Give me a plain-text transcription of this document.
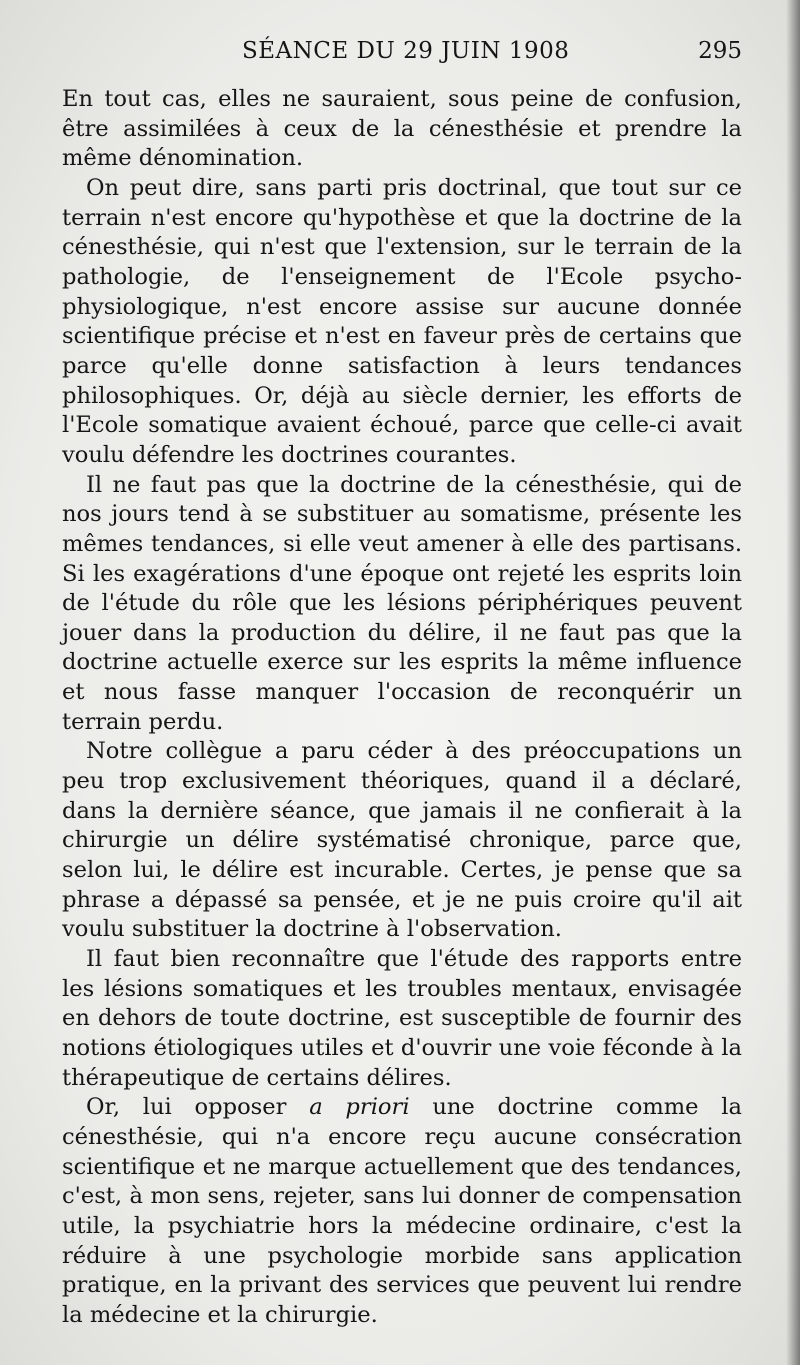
SÉANCE DU 29 JUIN 1908	295

En tout cas, elles ne sauraient, sous peine de confusion, être assimilées à ceux de la cénesthésie et prendre la même dénomination.

On peut dire, sans parti pris doctrinal, que tout sur ce terrain n'est encore qu'hypothèse et que la doctrine de la cénesthésie, qui n'est que l'extension, sur le terrain de la pathologie, de l'enseignement de l'Ecole psycho-physiologique, n'est encore assise sur aucune donnée scientifique précise et n'est en faveur près de certains que parce qu'elle donne satisfaction à leurs tendances philosophiques. Or, déjà au siècle dernier, les efforts de l'Ecole somatique avaient échoué, parce que celle-ci avait voulu défendre les doctrines courantes.

Il ne faut pas que la doctrine de la cénesthésie, qui de nos jours tend à se substituer au somatisme, présente les mêmes tendances, si elle veut amener à elle des partisans. Si les exagérations d'une époque ont rejeté les esprits loin de l'étude du rôle que les lésions périphériques peuvent jouer dans la production du délire, il ne faut pas que la doctrine actuelle exerce sur les esprits la même influence et nous fasse manquer l'occasion de reconquérir un terrain perdu.

Notre collègue a paru céder à des préoccupations un peu trop exclusivement théoriques, quand il a déclaré, dans la dernière séance, que jamais il ne confierait à la chirurgie un délire systématisé chronique, parce que, selon lui, le délire est incurable. Certes, je pense que sa phrase a dépassé sa pensée, et je ne puis croire qu'il ait voulu substituer la doctrine à l'observation.

Il faut bien reconnaître que l'étude des rapports entre les lésions somatiques et les troubles mentaux, envisagée en dehors de toute doctrine, est susceptible de fournir des notions étiologiques utiles et d'ouvrir une voie féconde à la thérapeutique de certains délires.

Or, lui opposer a priori une doctrine comme la cénesthésie, qui n'a encore reçu aucune consécration scientifique et ne marque actuellement que des tendances, c'est, à mon sens, rejeter, sans lui donner de compensation utile, la psychiatrie hors la médecine ordinaire, c'est la réduire à une psychologie morbide sans application pratique, en la privant des services que peuvent lui rendre la médecine et la chirurgie.
